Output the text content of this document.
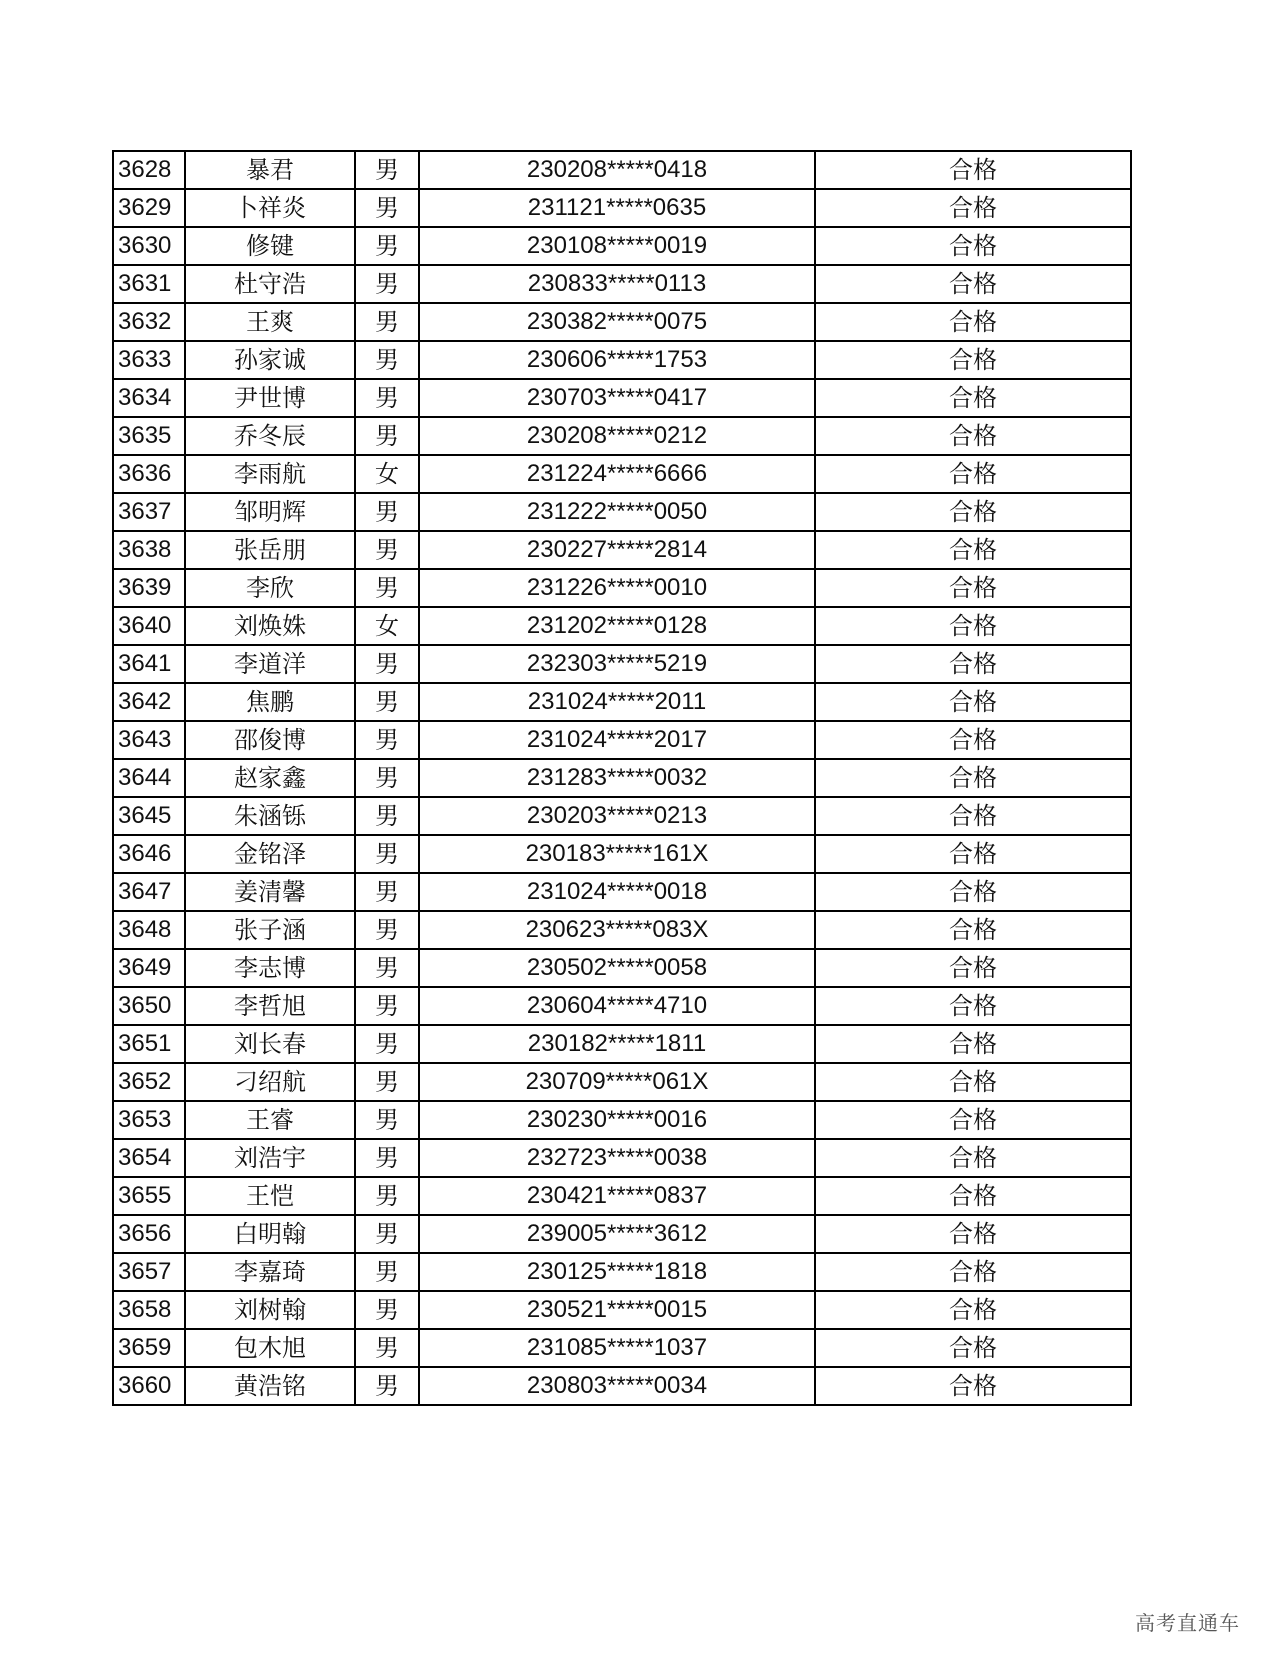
3628	暴君	男	230208*****0418	合格
3629	卜祥炎	男	231121*****0635	合格
3630	修键	男	230108*****0019	合格
3631	杜守浩	男	230833*****0113	合格
3632	王爽	男	230382*****0075	合格
3633	孙家诚	男	230606*****1753	合格
3634	尹世博	男	230703*****0417	合格
3635	乔冬辰	男	230208*****0212	合格
3636	李雨航	女	231224*****6666	合格
3637	邹明辉	男	231222*****0050	合格
3638	张岳朋	男	230227*****2814	合格
3639	李欣	男	231226*****0010	合格
3640	刘焕姝	女	231202*****0128	合格
3641	李道洋	男	232303*****5219	合格
3642	焦鹏	男	231024*****2011	合格
3643	邵俊博	男	231024*****2017	合格
3644	赵家鑫	男	231283*****0032	合格
3645	朱涵铄	男	230203*****0213	合格
3646	金铭泽	男	230183*****161X	合格
3647	姜清馨	男	231024*****0018	合格
3648	张子涵	男	230623*****083X	合格
3649	李志博	男	230502*****0058	合格
3650	李哲旭	男	230604*****4710	合格
3651	刘长春	男	230182*****1811	合格
3652	刁绍航	男	230709*****061X	合格
3653	王睿	男	230230*****0016	合格
3654	刘浩宇	男	232723*****0038	合格
3655	王恺	男	230421*****0837	合格
3656	白明翰	男	239005*****3612	合格
3657	李嘉琦	男	230125*****1818	合格
3658	刘树翰	男	230521*****0015	合格
3659	包木旭	男	231085*****1037	合格
3660	黄浩铭	男	230803*****0034	合格
高考直通车
